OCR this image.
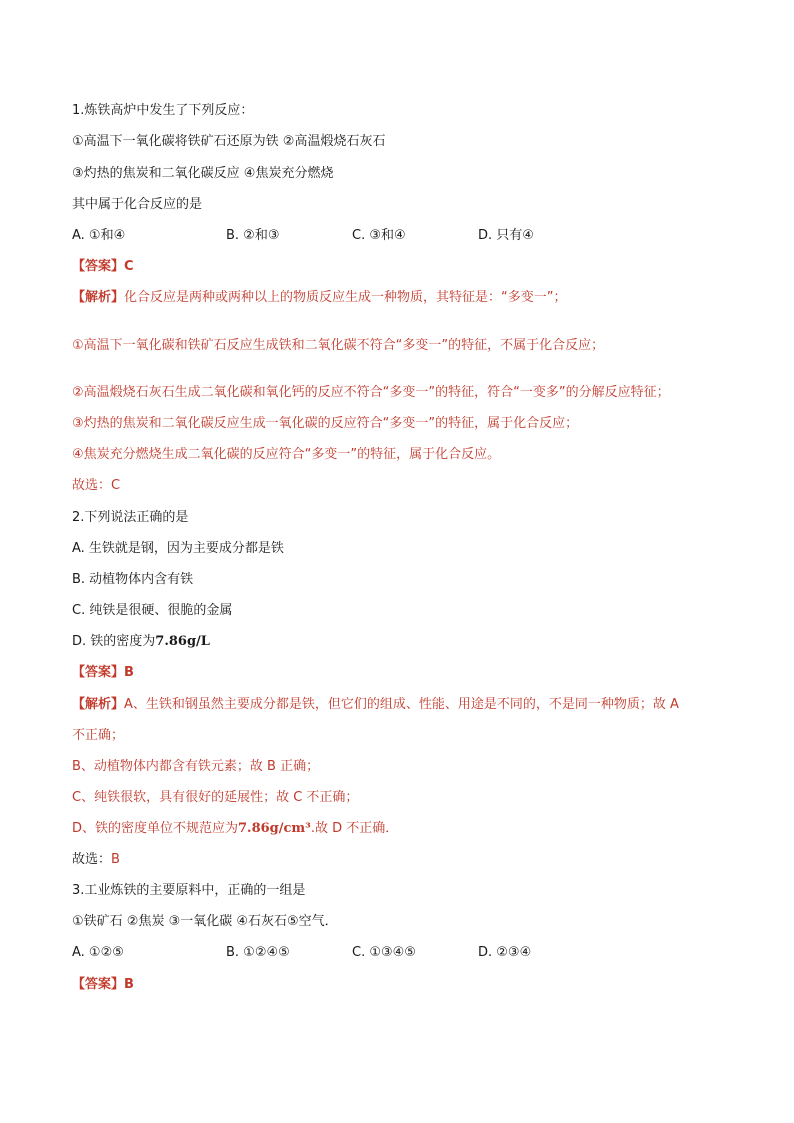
1.炼铁高炉中发生了下列反应：
①高温下一氧化碳将铁矿石还原为铁 ②高温煅烧石灰石
③灼热的焦炭和二氧化碳反应 ④焦炭充分燃烧
其中属于化合反应的是
A. ①和④	B. ②和③	C. ③和④	D. 只有④
【答案】C
【解析】化合反应是两种或两种以上的物质反应生成一种物质，其特征是：“多变一”；
①高温下一氧化碳和铁矿石反应生成铁和二氧化碳不符合“多变一”的特征，不属于化合反应；
②高温煅烧石灰石生成二氧化碳和氧化钙的反应不符合“多变一”的特征，符合“一变多”的分解反应特征；
③灼热的焦炭和二氧化碳反应生成一氧化碳的反应符合“多变一”的特征，属于化合反应；
④焦炭充分燃烧生成二氧化碳的反应符合“多变一”的特征，属于化合反应。
故选：C
2.下列说法正确的是
A. 生铁就是钢，因为主要成分都是铁
B. 动植物体内含有铁
C. 纯铁是很硬、很脆的金属
D. 铁的密度为7.86g/L
【答案】B
【解析】A、生铁和钢虽然主要成分都是铁，但它们的组成、性能、用途是不同的，不是同一种物质；故 A
不正确；
B、动植物体内都含有铁元素；故 B 正确；
C、纯铁很软，具有很好的延展性；故 C 不正确；
D、铁的密度单位不规范应为7.86g/cm³.故 D 不正确．
故选：B
3.工业炼铁的主要原料中，正确的一组是
①铁矿石 ②焦炭 ③一氧化碳 ④石灰石⑤空气．
A. ①②⑤	B. ①②④⑤	C. ①③④⑤	D. ②③④
【答案】B
